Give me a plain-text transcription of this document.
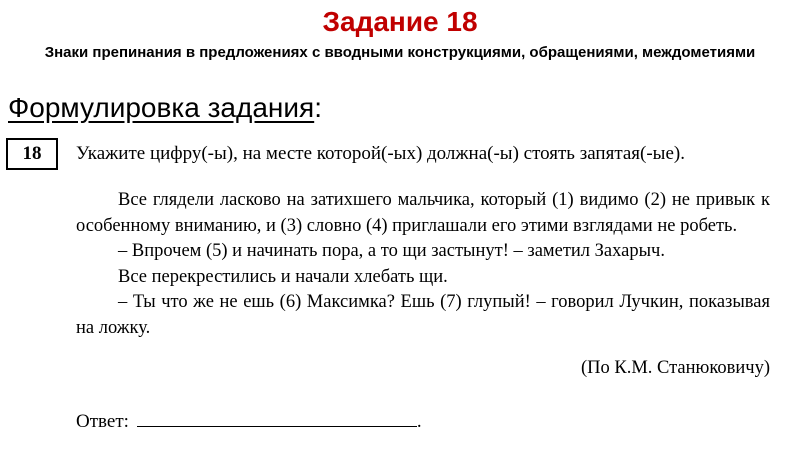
Задание 18
Знаки препинания в предложениях с вводными конструкциями, обращениями, междометиями
Формулировка задания:
18	Укажите цифру(-ы), на месте которой(-ых) должна(-ы) стоять запятая(-ые).

Все глядели ласково на затихшего мальчика, который (1) видимо (2) не привык к особенному вниманию, и (3) словно (4) приглашали его этими взглядами не робеть.

– Впрочем (5) и начинать пора, а то щи застынут! – заметил Захарыч.

Все перекрестились и начали хлебать щи.

– Ты что же не ешь (6) Максимка? Ешь (7) глупый! – говорил Лучкин, показывая на ложку.

(По К.М. Станюковичу)
Ответ:	.
